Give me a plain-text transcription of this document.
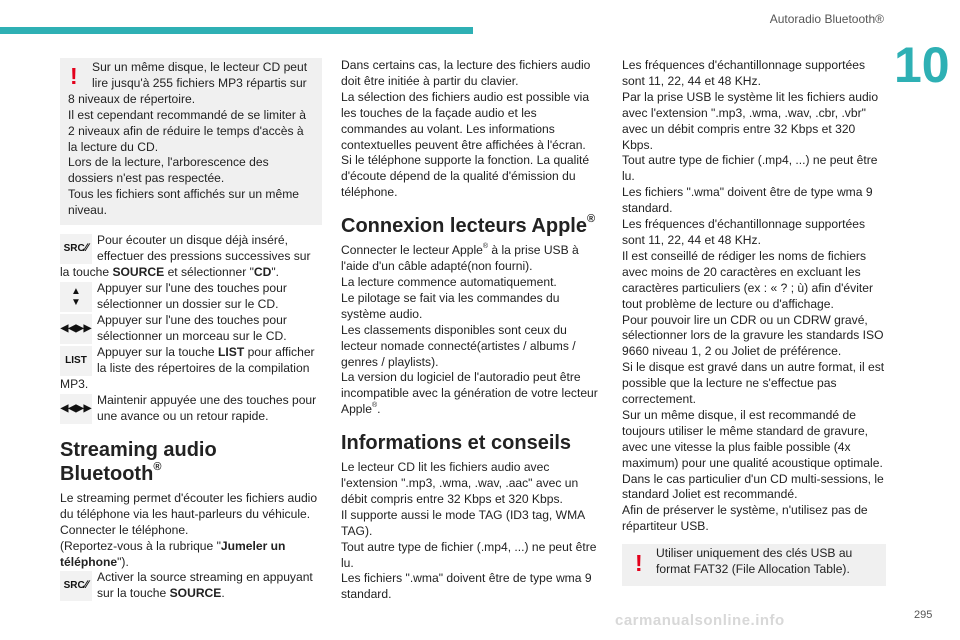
Autoradio Bluetooth®
10
!	Sur un même disque, le lecteur CD peut lire jusqu'à 255 fichiers MP3 répartis sur

8 niveaux de répertoire.

Il est cependant recommandé de se limiter à 2 niveaux afin de réduire le temps d'accès à la lecture du CD.

Lors de la lecture, l'arborescence des dossiers n'est pas respectée.

Tous les fichiers sont affichés sur un même niveau.

SRC ∕∕

Pour écouter un disque déjà inséré, effectuer des pressions successives sur

la touche SOURCE et sélectionner "CD".

▲
▼

Appuyer sur l'une des touches pour sélectionner un dossier sur le CD.

◀◀▶▶

Appuyer sur l'une des touches pour sélectionner un morceau sur le CD.

LIST

Appuyer sur la touche LIST pour afficher la liste des répertoires de la compilation

MP3.

◀◀▶▶

Maintenir appuyée une des touches pour une avance ou un retour rapide.

Streaming audio Bluetooth®

Le streaming permet d'écouter les fichiers audio du téléphone via les haut-parleurs du véhicule.

Connecter le téléphone.

(Reportez-vous à la rubrique "Jumeler un téléphone").

SRC ∕∕

Activer la source streaming en appuyant sur la touche SOURCE.

Dans certains cas, la lecture des fichiers audio doit être initiée à partir du clavier.

La sélection des fichiers audio est possible via les touches de la façade audio et les commandes au volant. Les informations contextuelles peuvent être affichées à l'écran.

Si le téléphone supporte la fonction. La qualité d'écoute dépend de la qualité d'émission du téléphone.

Connexion lecteurs Apple®

Connecter le lecteur Apple® à la prise USB à l'aide d'un câble adapté(non fourni).

La lecture commence automatiquement.

Le pilotage se fait via les commandes du système audio.

Les classements disponibles sont ceux du lecteur nomade connecté(artistes / albums / genres / playlists).

La version du logiciel de l'autoradio peut être incompatible avec la génération de votre lecteur Apple®.

Informations et conseils

Le lecteur CD lit les fichiers audio avec l'extension ".mp3, .wma, .wav, .aac" avec un débit compris entre 32 Kbps et 320 Kbps.

Il supporte aussi le mode TAG (ID3 tag, WMA TAG).

Tout autre type de fichier (.mp4, ...) ne peut être lu.

Les fichiers ".wma" doivent être de type wma 9 standard.

Les fréquences d'échantillonnage supportées sont 11, 22, 44 et 48 KHz.

Par la prise USB le système lit les fichiers audio avec l'extension ".mp3, .wma, .wav, .cbr, .vbr" avec un débit compris entre 32 Kbps et 320 Kbps.

Tout autre type de fichier (.mp4, ...) ne peut être lu.

Les fichiers ".wma" doivent être de type wma 9 standard.

Les fréquences d'échantillonnage supportées sont 11, 22, 44 et 48 KHz.

Il est conseillé de rédiger les noms de fichiers avec moins de 20 caractères en excluant les caractères particuliers (ex : « ? ; ù) afin d'éviter tout problème de lecture ou d'affichage.

Pour pouvoir lire un CDR ou un CDRW gravé, sélectionner lors de la gravure les standards ISO 9660 niveau 1, 2 ou Joliet de préférence.

Si le disque est gravé dans un autre format, il est possible que la lecture ne s'effectue pas correctement.

Sur un même disque, il est recommandé de toujours utiliser le même standard de gravure, avec une vitesse la plus faible possible (4x maximum) pour une qualité acoustique optimale.

Dans le cas particulier d'un CD multi-sessions, le standard Joliet est recommandé.

Afin de préserver le système, n'utilisez pas de répartiteur USB.

! Utiliser uniquement des clés USB au format FAT32 (File Allocation Table).

carmanualsonline.info	295
